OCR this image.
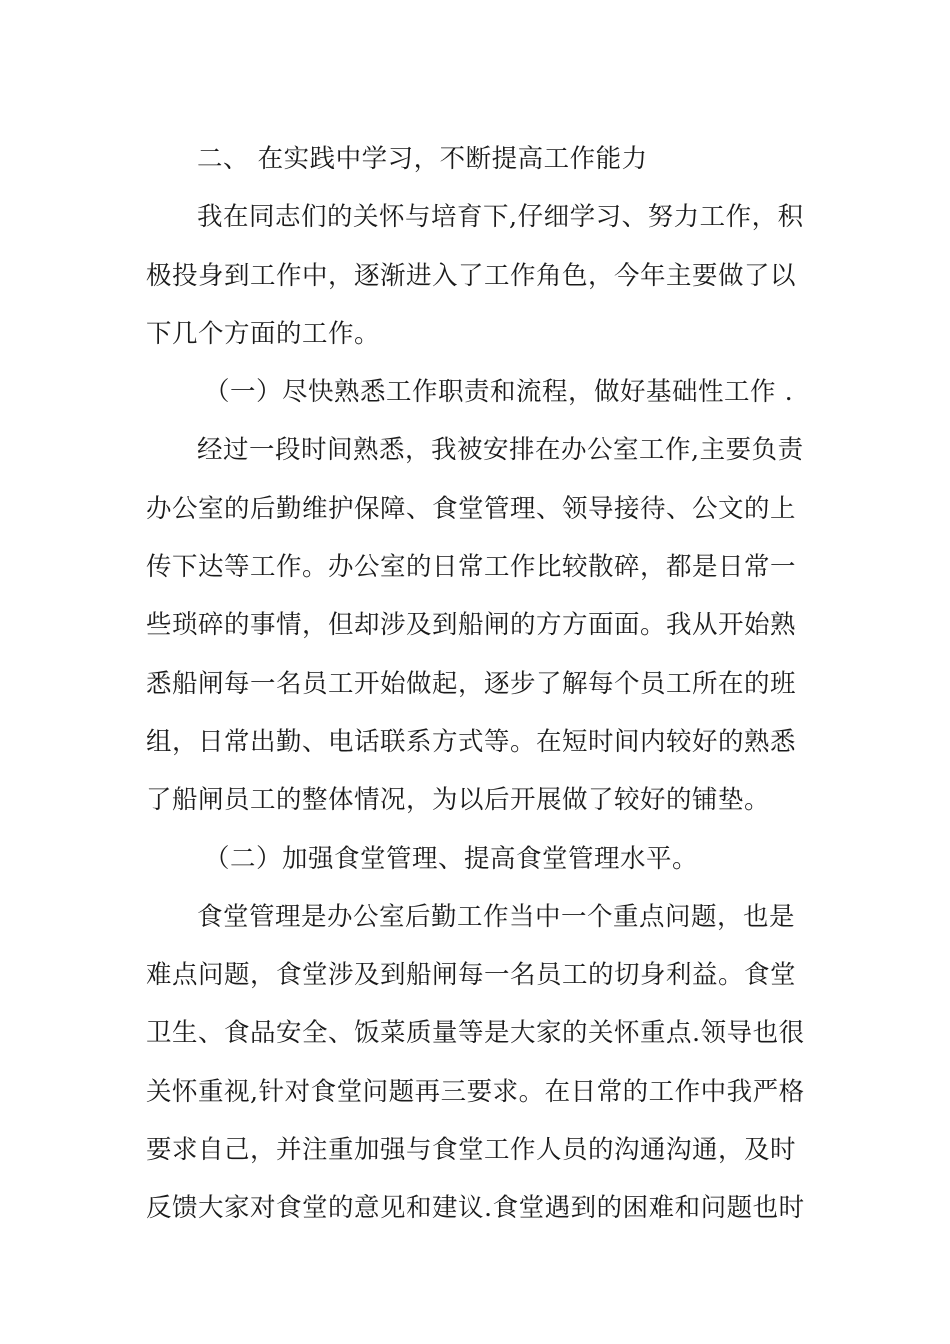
二、 在实践中学习，不断提高工作能力
我在同志们的关怀与培育下,仔细学习、努力工作，积
极投身到工作中，逐渐进入了工作角色，今年主要做了以
下几个方面的工作。
（一）尽快熟悉工作职责和流程，做好基础性工作 .
经过一段时间熟悉，我被安排在办公室工作,主要负责
办公室的后勤维护保障、食堂管理、领导接待、公文的上
传下达等工作。办公室的日常工作比较散碎，都是日常一
些琐碎的事情，但却涉及到船闸的方方面面。我从开始熟
悉船闸每一名员工开始做起，逐步了解每个员工所在的班
组，日常出勤、电话联系方式等。在短时间内较好的熟悉
了船闸员工的整体情况，为以后开展做了较好的铺垫。
（二）加强食堂管理、提高食堂管理水平。
食堂管理是办公室后勤工作当中一个重点问题，也是
难点问题，食堂涉及到船闸每一名员工的切身利益。食堂
卫生、食品安全、饭菜质量等是大家的关怀重点.领导也很
关怀重视,针对食堂问题再三要求。在日常的工作中我严格
要求自己，并注重加强与食堂工作人员的沟通沟通，及时
反馈大家对食堂的意见和建议.食堂遇到的困难和问题也时
